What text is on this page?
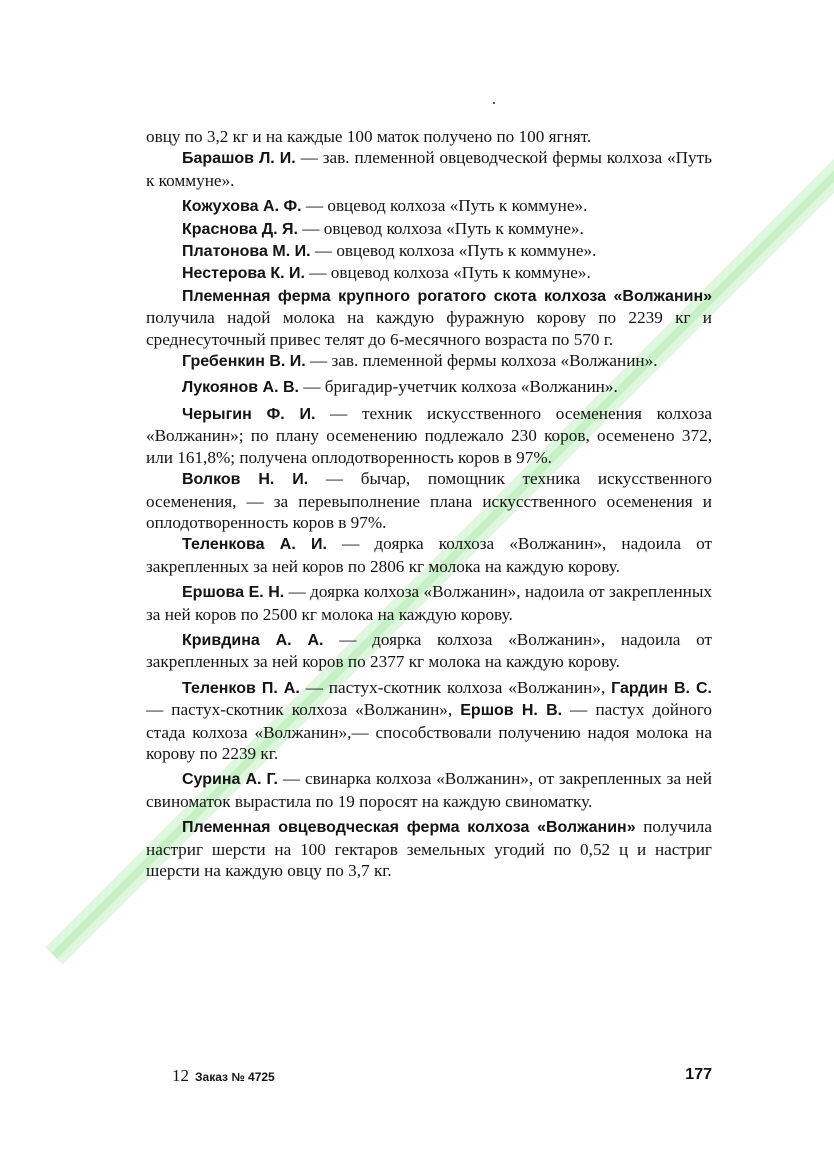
овцу по 3,2 кг и на каждые 100 маток получено по 100 ягнят.

Барашов Л. И. — зав. племенной овцеводческой фермы колхоза «Путь к коммуне».

Кожухова А. Ф. — овцевод колхоза «Путь к коммуне».

Краснова Д. Я. — овцевод колхоза «Путь к коммуне».

Платонова М. И. — овцевод колхоза «Путь к коммуне».

Нестерова К. И. — овцевод колхоза «Путь к коммуне».

Племенная ферма крупного рогатого скота колхоза «Волжанин» получила надой молока на каждую фуражную корову по 2239 кг и среднесуточный привес телят до 6-месячного возраста по 570 г.

Гребенкин В. И. — зав. племенной фермы колхоза «Волжанин».

Лукоянов А. В. — бригадир-учетчик колхоза «Волжанин».

Черыгин Ф. И. — техник искусственного осеменения колхоза «Волжанин»; по плану осеменению подлежало 230 коров, осеменено 372, или 161,8%; получена оплодотворенность коров в 97%.

Волков Н. И. — бычар, помощник техника искусственного осеменения, — за перевыполнение плана искусственного осеменения и оплодотворенность коров в 97%.

Теленкова А. И. — доярка колхоза «Волжанин», надоила от закрепленных за ней коров по 2806 кг молока на каждую корову.

Ершова Е. Н. — доярка колхоза «Волжанин», надоила от закрепленных за ней коров по 2500 кг молока на каждую корову.

Кривдина А. А. — доярка колхоза «Волжанин», надоила от закрепленных за ней коров по 2377 кг молока на каждую корову.

Теленков П. А. — пастух-скотник колхоза «Волжанин», Гардин В. С. — пастух-скотник колхоза «Волжанин», Ершов Н. В. — пастух дойного стада колхоза «Волжанин»,— способствовали получению надоя молока на корову по 2239 кг.

Сурина А. Г. — свинарка колхоза «Волжанин», от закрепленных за ней свиноматок вырастила по 19 поросят на каждую свиноматку.

Племенная овцеводческая ферма колхоза «Волжанин» получила настриг шерсти на 100 гектаров земельных угодий по 0,52 ц и настриг шерсти на каждую овцу по 3,7 кг.

12 Заказ № 4725	177
